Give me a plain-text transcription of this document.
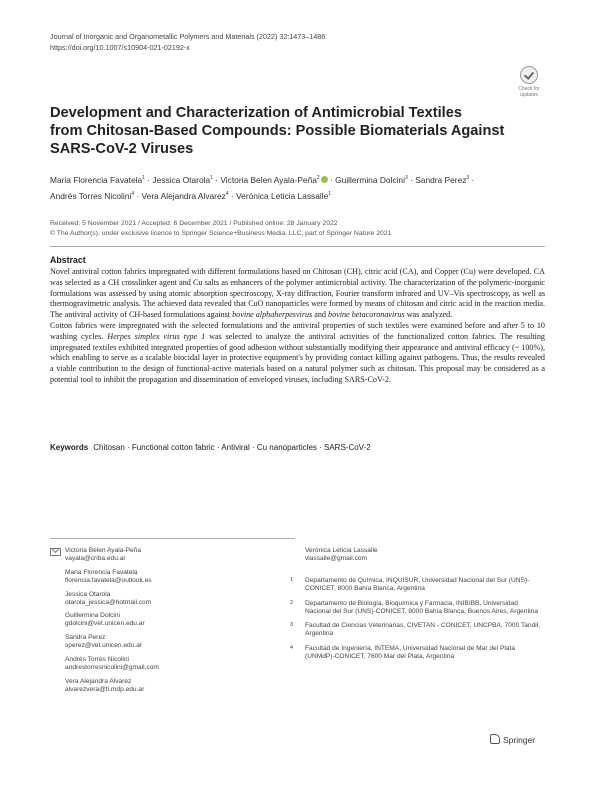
Journal of Inorganic and Organometallic Polymers and Materials (2022) 32:1473–1486
https://doi.org/10.1007/s10904-021-02192-x
Check for
updates
Development and Characterization of Antimicrobial Textiles
from Chitosan-Based Compounds: Possible Biomaterials Against
SARS-CoV-2 Viruses
Maria Florencia Favatela$^1$ · Jessica Otarola$^1$ · Victoria Belen Ayala-Peña$^2$ · Guillermina Dolcini$^3$ · Sandra Perez$^3$ ·
Andrés Torres Nicolini$^4$ · Vera Alejandra Alvarez$^4$ · Verónica Leticia Lassalle$^1$
Received: 5 November 2021 / Accepted: 6 December 2021 / Published online: 28 January 2022
© The Author(s), under exclusive licence to Springer Science+Business Media, LLC, part of Springer Nature 2021
Abstract
Novel antiviral cotton fabrics impregnated with different formulations based on Chitosan (CH), citric acid (CA), and Copper (Cu) were developed. CA was selected as a CH crosslinker agent and Cu salts as enhancers of the polymer antimicrobial activity. The characterization of the polymeric-inorganic formulations was assessed by using atomic absorption spectroscopy, X-ray diffraction, Fourier transform infrared and UV–Vis spectroscopy, as well as thermogravimetric analysis. The achieved data revealed that CuO nanoparticles were formed by means of chitosan and citric acid in the reaction media. The antiviral activity of CH-based formulations against bovine alphaherpesvirus and bovine betacoronavirus was analyzed.
Cotton fabrics were impregnated with the selected formulations and the antiviral properties of such textiles were examined before and after 5 to 10 washing cycles. Herpes simplex virus type 1 was selected to analyze the antiviral activities of the functionalized cotton fabrics. The resulting impregnated textiles exhibited integrated properties of good adhesion without substantially modifying their appearance and antiviral efficacy (~ 100%), which enabling to serve as a scalable biocidal layer in protective equipment's by providing contact killing against pathogens. Thus, the results revealed a viable contribution to the design of functional-active materials based on a natural polymer such as chitosan. This proposal may be considered as a potential tool to inhibit the propagation and dissemination of enveloped viruses, including SARS-CoV-2.
Keywords Chitosan · Functional cotton fabric · Antiviral · Cu nanoparticles · SARS-CoV-2
Victoria Belen Ayala-Peña
vayala@criba.edu.ar
Maria Florencia Favatela
florencia.favatela@outlook.es
Jessica Otarola
otarola_jessica@hotmail.com
Guillermina Dolcini
gdolcini@vet.unicen.edu.ar
Sandra Perez
sperez@vet.unicen.edu.ar
Andrés Torres Nicolini
andrestorresnicolini@gmail.com
Vera Alejandra Alvarez
alvarezvera@fi.mdp.edu.ar
Verónica Leticia Lassalle
vlassalle@gmail.com
1 Departamento de Química, INQUISUR, Universidad Nacional del Sur (UNS)- CONICET, 8000 Bahía Blanca, Argentina
2 Departamento de Biología, Bioquímica y Farmacia, INIBIBB, Universidad Nacional del Sur (UNS)-CONICET, 8000 Bahía Blanca, Buenos Aires, Argentina
3 Facultad de Ciencias Veterinarias, CIVETAN - CONICET, UNCPBA, 7000 Tandil, Argentina
4 Facultad de Ingeniería, INTEMA, Universidad Nacional de Mar del Plata (UNMdP)-CONICET, 7600 Mar del Plata, Argentina
Springer
